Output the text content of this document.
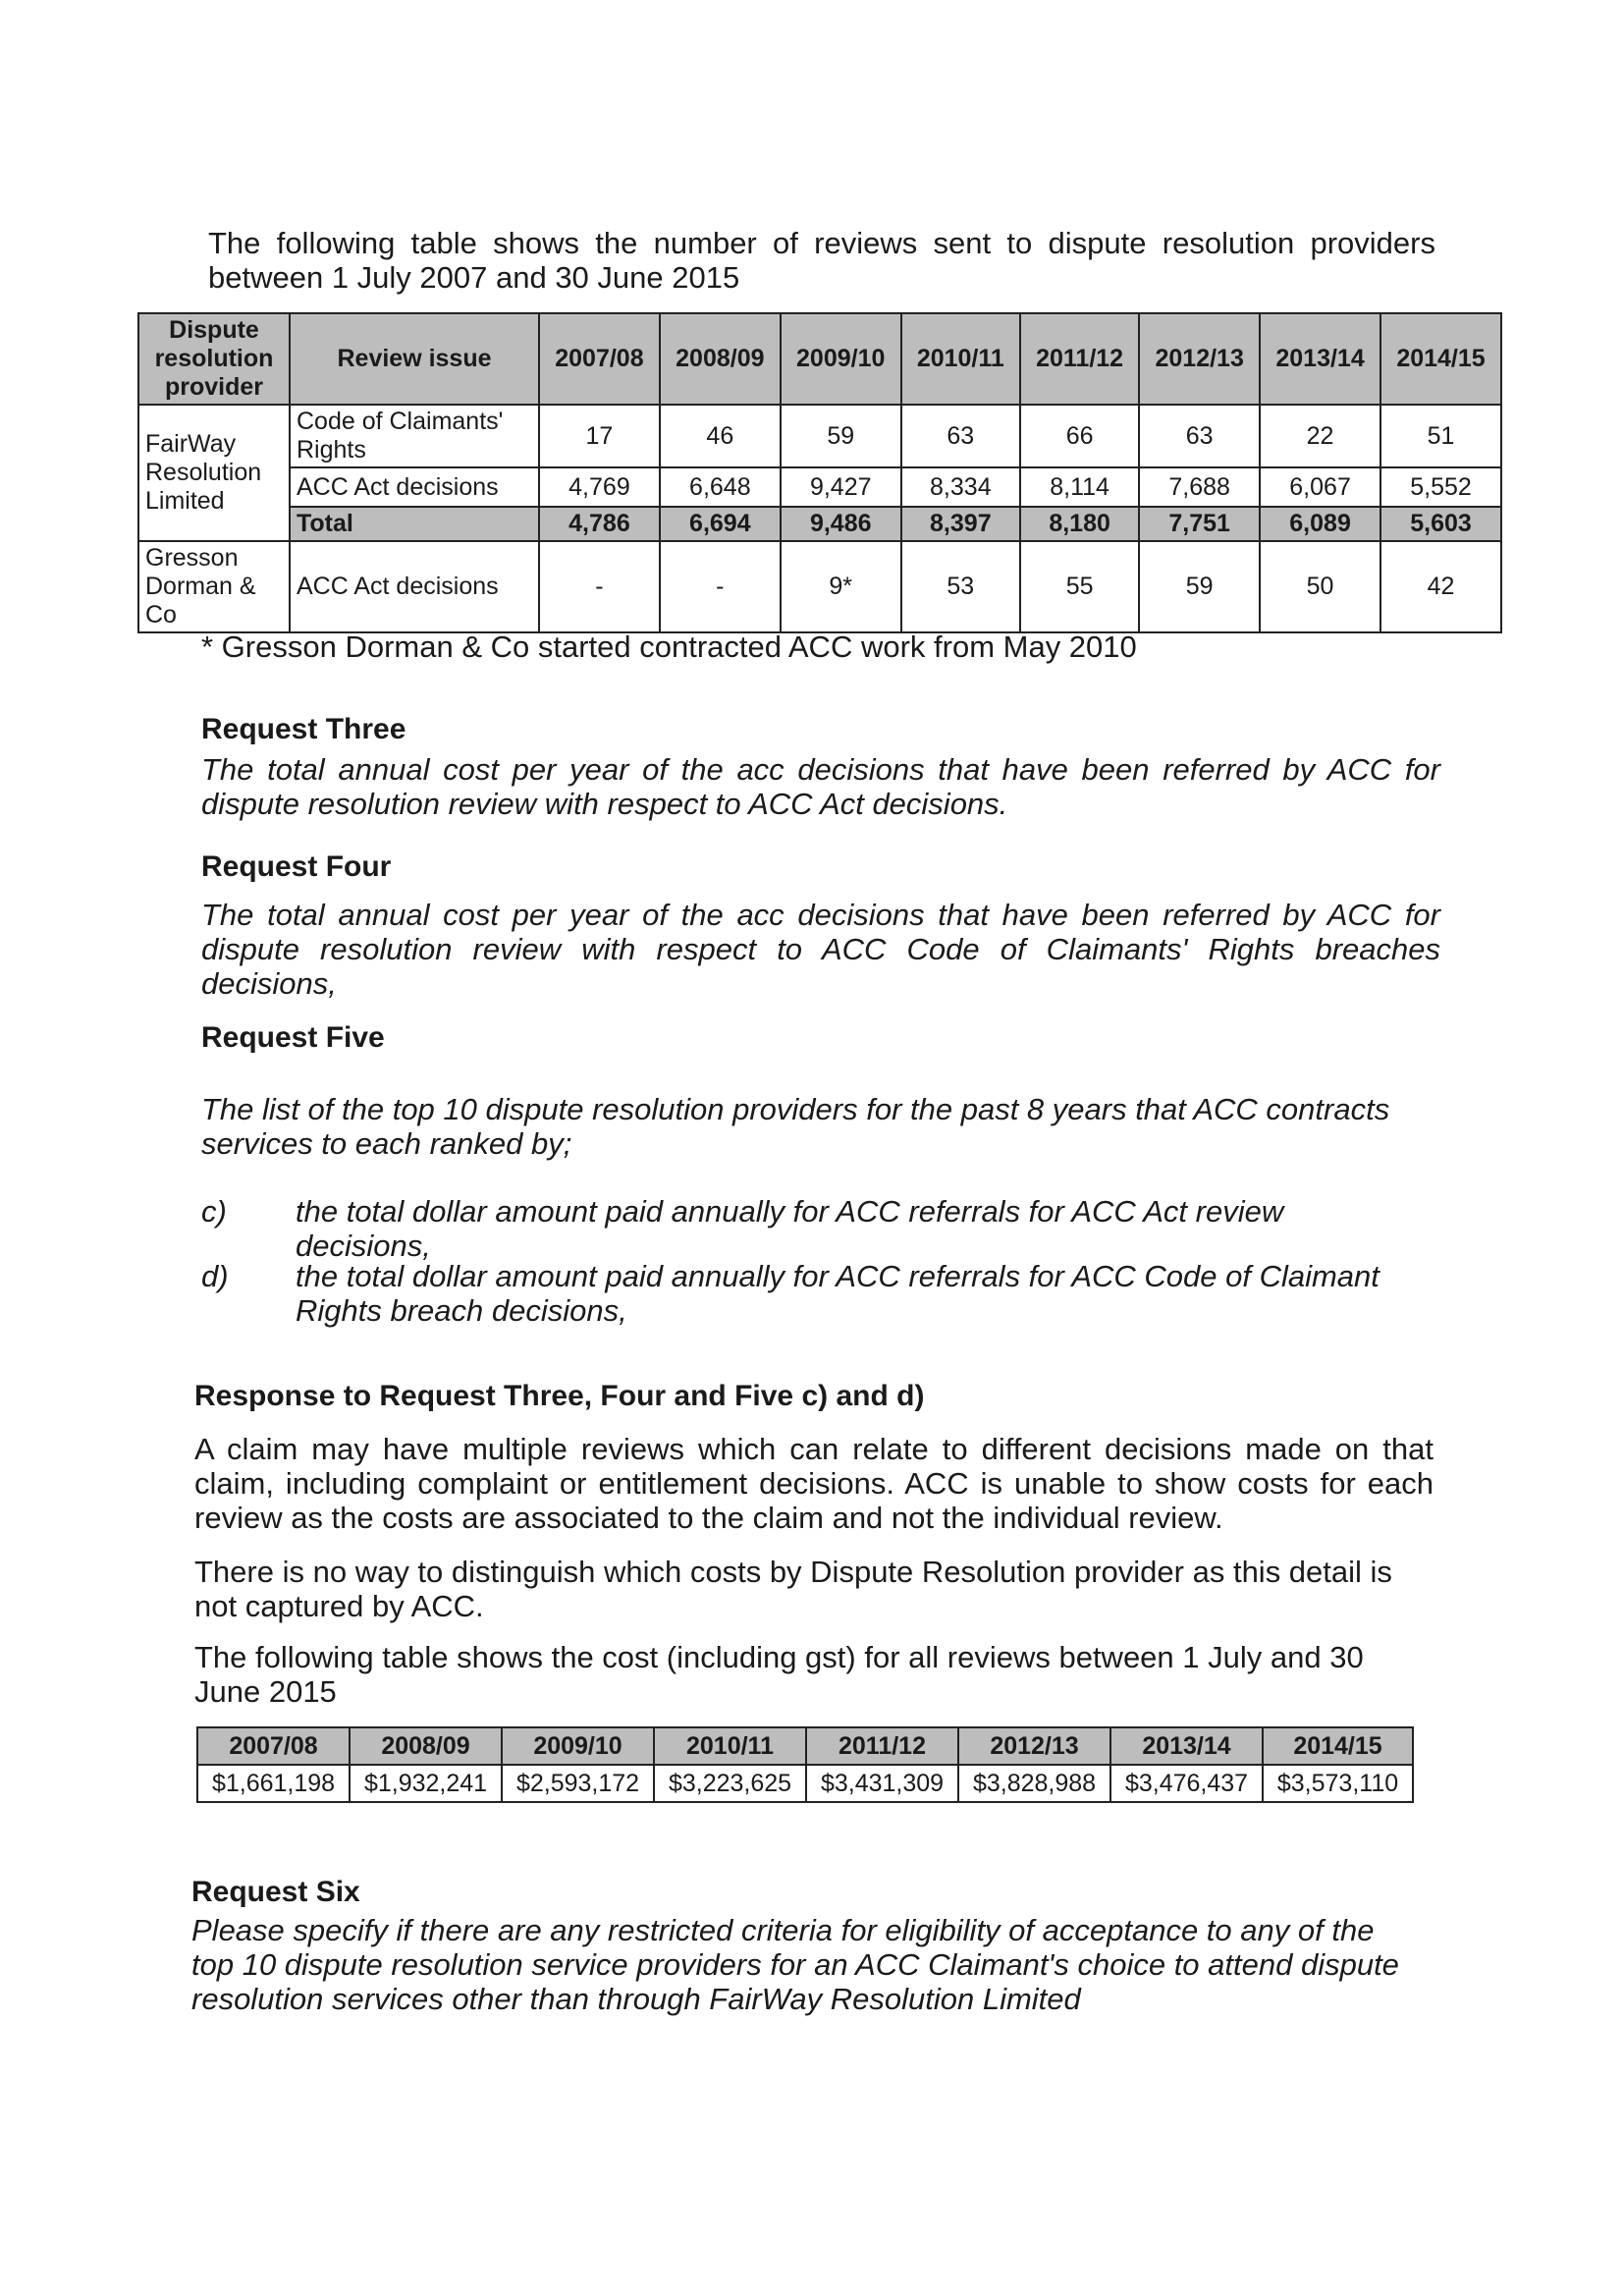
The following table shows the number of reviews sent to dispute resolution providers between 1 July 2007 and 30 June 2015

Dispute resolution provider	Review issue	2007/08	2008/09	2009/10	2010/11	2011/12	2012/13	2013/14	2014/15
FairWay Resolution Limited	Code of Claimants' Rights	17	46	59	63	66	63	22	51
	ACC Act decisions	4,769	6,648	9,427	8,334	8,114	7,688	6,067	5,552
	Total	4,786	6,694	9,486	8,397	8,180	7,751	6,089	5,603
Gresson Dorman & Co	ACC Act decisions	-	-	9*	53	55	59	50	42

* Gresson Dorman & Co started contracted ACC work from May 2010

Request Three

The total annual cost per year of the acc decisions that have been referred by ACC for dispute resolution review with respect to ACC Act decisions.

Request Four

The total annual cost per year of the acc decisions that have been referred by ACC for dispute resolution review with respect to ACC Code of Claimants' Rights breaches decisions,

Request Five

The list of the top 10 dispute resolution providers for the past 8 years that ACC contracts services to each ranked by;

c) the total dollar amount paid annually for ACC referrals for ACC Act review decisions,
d) the total dollar amount paid annually for ACC referrals for ACC Code of Claimant Rights breach decisions,

Response to Request Three, Four and Five c) and d)

A claim may have multiple reviews which can relate to different decisions made on that claim, including complaint or entitlement decisions. ACC is unable to show costs for each review as the costs are associated to the claim and not the individual review.

There is no way to distinguish which costs by Dispute Resolution provider as this detail is not captured by ACC.

The following table shows the cost (including gst) for all reviews between 1 July and 30 June 2015

2007/08	2008/09	2009/10	2010/11	2011/12	2012/13	2013/14	2014/15
$1,661,198	$1,932,241	$2,593,172	$3,223,625	$3,431,309	$3,828,988	$3,476,437	$3,573,110

Request Six

Please specify if there are any restricted criteria for eligibility of acceptance to any of the top 10 dispute resolution service providers for an ACC Claimant's choice to attend dispute resolution services other than through FairWay Resolution Limited
